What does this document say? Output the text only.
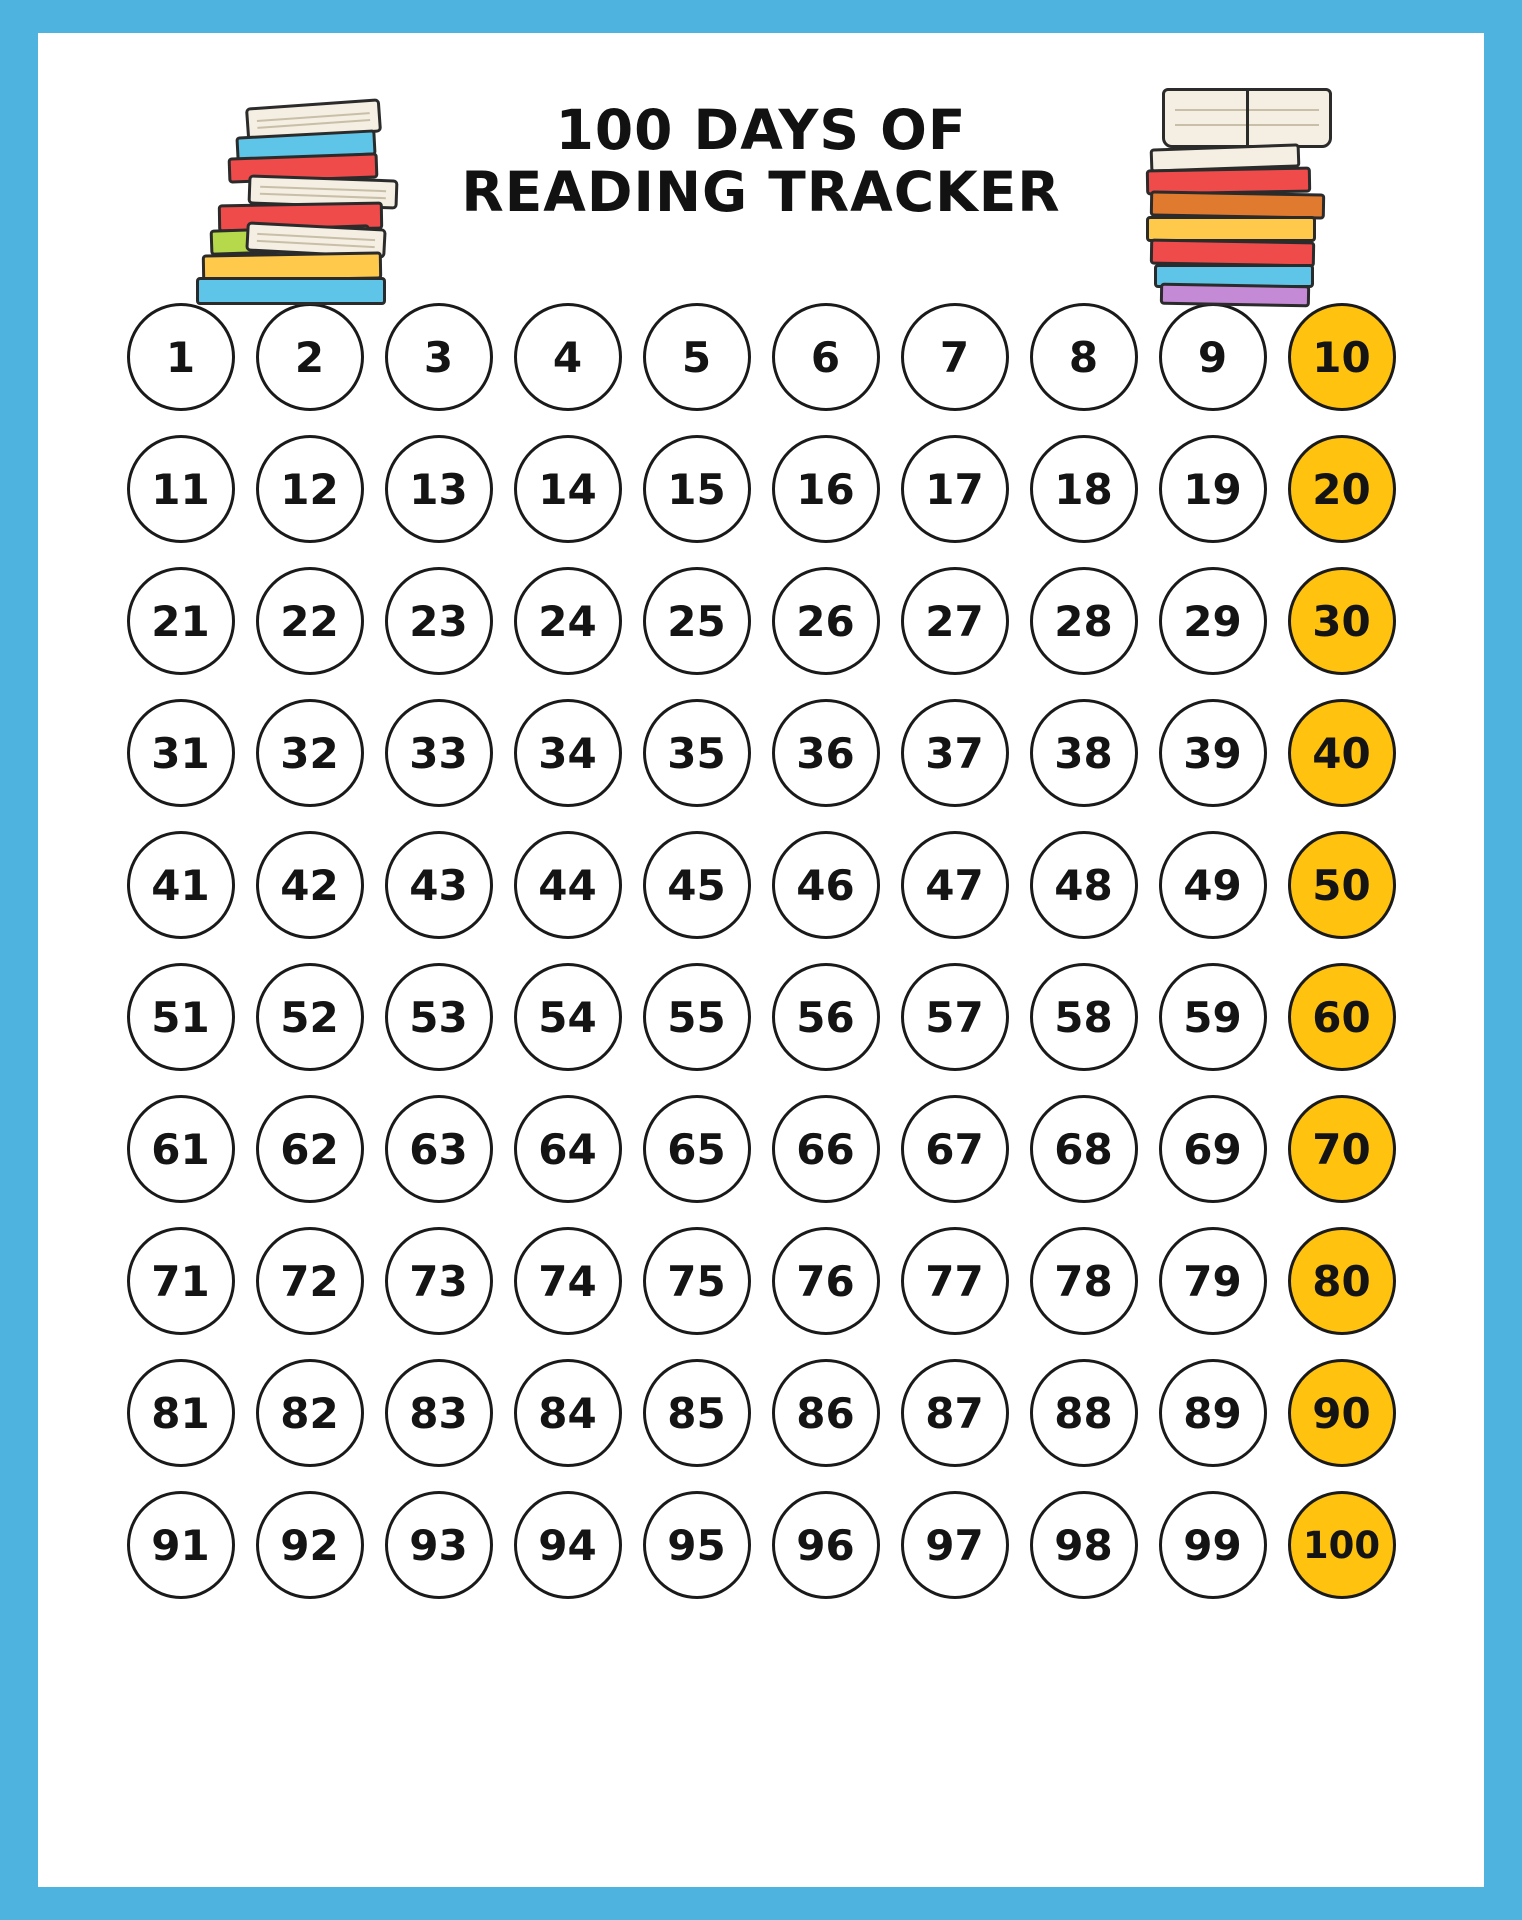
100 DAYS OF
READING TRACKER
1	2	3	4	5	6	7	8	9	10
11	12	13	14	15	16	17	18	19	20
21	22	23	24	25	26	27	28	29	30
31	32	33	34	35	36	37	38	39	40
41	42	43	44	45	46	47	48	49	50
51	52	53	54	55	56	57	58	59	60
61	62	63	64	65	66	67	68	69	70
71	72	73	74	75	76	77	78	79	80
81	82	83	84	85	86	87	88	89	90
91	92	93	94	95	96	97	98	99	100
